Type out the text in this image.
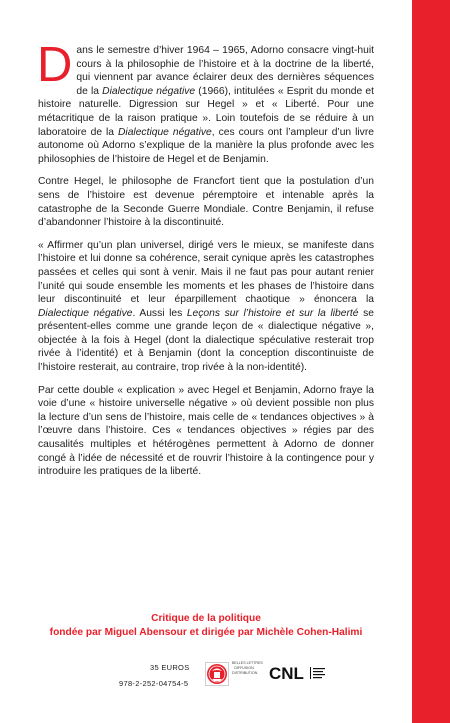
Dans le semestre d’hiver 1964 – 1965, Adorno consacre vingt-huit cours à la philosophie de l’histoire et à la doctrine de la liberté, qui viennent par avance éclairer deux des dernières séquences de la Dialectique négative (1966), intitulées « Esprit du monde et histoire naturelle. Digression sur Hegel » et « Liberté. Pour une métacritique de la raison pratique ». Loin toutefois de se réduire à un laboratoire de la Dialectique négative, ces cours ont l’ampleur d’un livre autonome où Adorno s’explique de la manière la plus profonde avec les philosophies de l’histoire de Hegel et de Benjamin.

Contre Hegel, le philosophe de Francfort tient que la postulation d’un sens de l’histoire est devenue péremptoire et intenable après la catastrophe de la Seconde Guerre Mondiale. Contre Benjamin, il refuse d’abandonner l’histoire à la discontinuité.

« Affirmer qu’un plan universel, dirigé vers le mieux, se manifeste dans l’histoire et lui donne sa cohérence, serait cynique après les catastrophes passées et celles qui sont à venir. Mais il ne faut pas pour autant renier l’unité qui soude ensemble les moments et les phases de l’histoire dans leur discontinuité et leur éparpillement chaotique » énoncera la Dialectique négative. Aussi les Leçons sur l’histoire et sur la liberté se présentent-elles comme une grande leçon de « dialectique négative », objectée à la fois à Hegel (dont la dialectique spéculative resterait trop rivée à l’identité) et à Benjamin (dont la conception discontinuiste de l’histoire resterait, au contraire, trop rivée à la non-identité).

Par cette double « explication » avec Hegel et Benjamin, Adorno fraye la voie d’une « histoire universelle négative » où devient possible non plus la lecture d’un sens de l’histoire, mais celle de « tendances objectives » à l’œuvre dans l’histoire. Ces « tendances objectives » régies par des causalités multiples et hétérogènes permettent à Adorno de donner congé à l’idée de nécessité et de rouvrir l’histoire à la contingence pour y introduire les pratiques de la liberté.

Critique de la politique
fondée par Miguel Abensour et dirigée par Michèle Cohen-Halimi
35 EUROS
978-2-252-04754-5
BELLES LETTRES
DIFFUSION
DISTRIBUTION CNL
